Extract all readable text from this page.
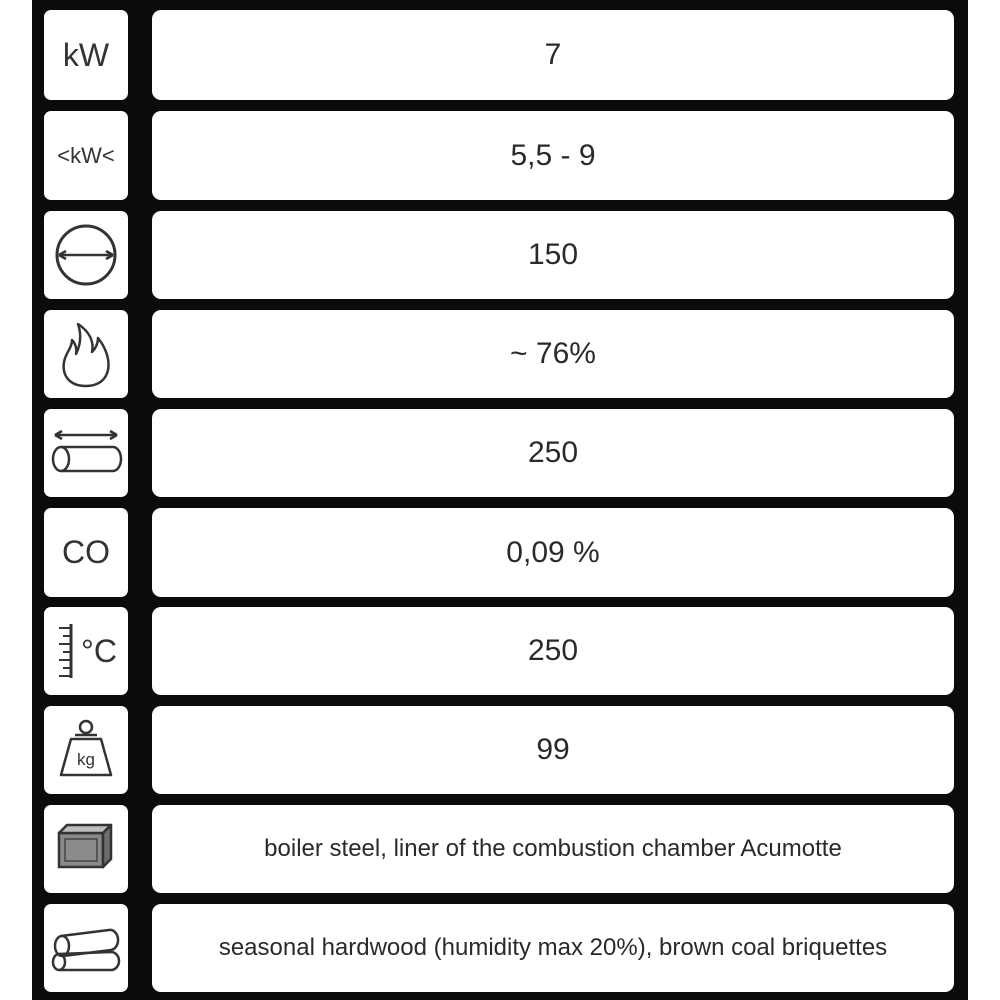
kW	7
<kW<	5,5 - 9
150
~ 76%
250
CO	0,09 %
°C	250
kg	99
boiler steel, liner of the combustion chamber Acumotte
seasonal hardwood (humidity max 20%), brown coal briquettes
